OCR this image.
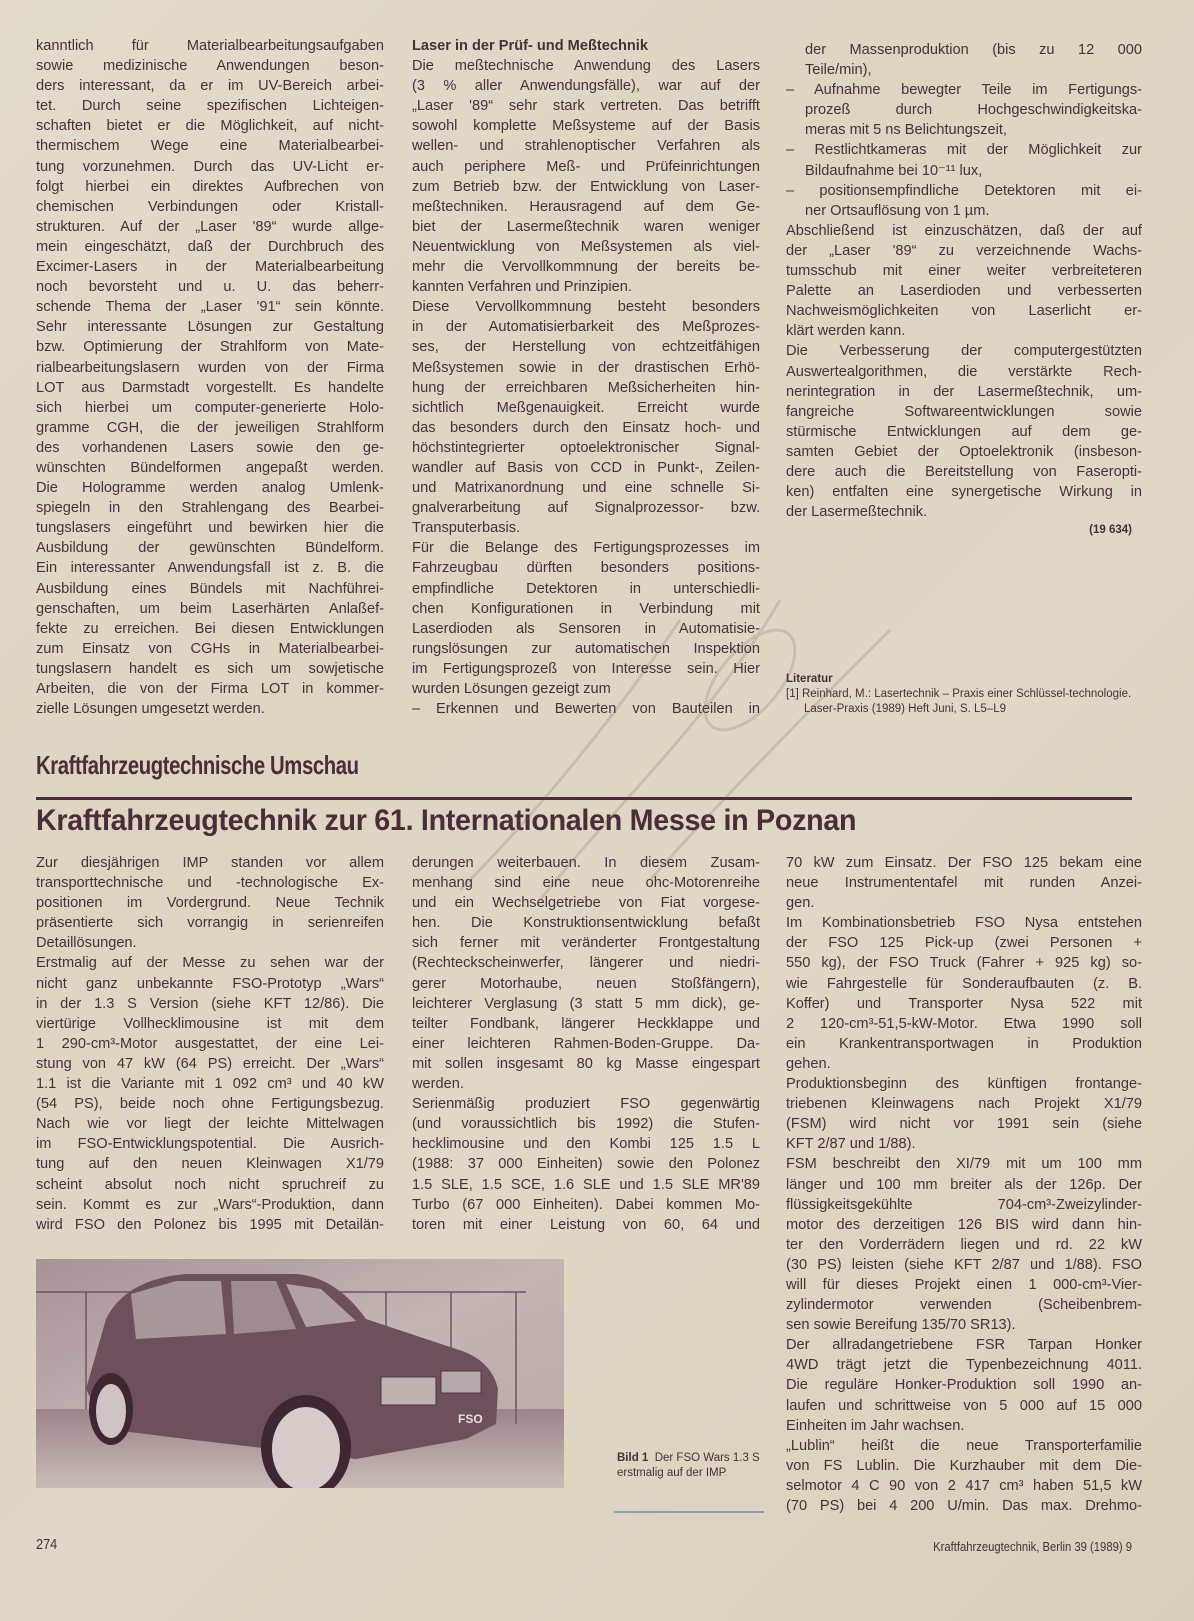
kanntlich für Materialbearbeitungsaufgaben
sowie medizinische Anwendungen beson-
ders interessant, da er im UV-Bereich arbei-
tet. Durch seine spezifischen Lichteigen-
schaften bietet er die Möglichkeit, auf nicht-
thermischem Wege eine Materialbearbei-
tung vorzunehmen. Durch das UV-Licht er-
folgt hierbei ein direktes Aufbrechen von
chemischen Verbindungen oder Kristall-
strukturen. Auf der „Laser '89“ wurde allge-
mein eingeschätzt, daß der Durchbruch des
Excimer-Lasers in der Materialbearbeitung
noch bevorsteht und u. U. das beherr-
schende Thema der „Laser '91“ sein könnte.
Sehr interessante Lösungen zur Gestaltung
bzw. Optimierung der Strahlform von Mate-
rialbearbeitungslasern wurden von der Firma
LOT aus Darmstadt vorgestellt. Es handelte
sich hierbei um computer-generierte Holo-
gramme CGH, die der jeweiligen Strahlform
des vorhandenen Lasers sowie den ge-
wünschten Bündelformen angepaßt werden.
Die Hologramme werden analog Umlenk-
spiegeln in den Strahlengang des Bearbei-
tungslasers eingeführt und bewirken hier die
Ausbildung der gewünschten Bündelform.
Ein interessanter Anwendungsfall ist z. B. die
Ausbildung eines Bündels mit Nachführei-
genschaften, um beim Laserhärten Anlaßef-
fekte zu erreichen. Bei diesen Entwicklungen
zum Einsatz von CGHs in Materialbearbei-
tungslasern handelt es sich um sowjetische
Arbeiten, die von der Firma LOT in kommer-
zielle Lösungen umgesetzt werden.
Laser in der Prüf- und Meßtechnik
Die meßtechnische Anwendung des Lasers
(3 % aller Anwendungsfälle), war auf der
„Laser '89“ sehr stark vertreten. Das betrifft
sowohl komplette Meßsysteme auf der Basis
wellen- und strahlenoptischer Verfahren als
auch periphere Meß- und Prüfeinrichtungen
zum Betrieb bzw. der Entwicklung von Laser-
meßtechniken. Herausragend auf dem Ge-
biet der Lasermeßtechnik waren weniger
Neuentwicklung von Meßsystemen als viel-
mehr die Vervollkommnung der bereits be-
kannten Verfahren und Prinzipien.
Diese Vervollkommnung besteht besonders
in der Automatisierbarkeit des Meßprozes-
ses, der Herstellung von echtzeitfähigen
Meßsystemen sowie in der drastischen Erhö-
hung der erreichbaren Meßsicherheiten hin-
sichtlich Meßgenauigkeit. Erreicht wurde
das besonders durch den Einsatz hoch- und
höchstintegrierter optoelektronischer Signal-
wandler auf Basis von CCD in Punkt-, Zeilen-
und Matrixanordnung und eine schnelle Si-
gnalverarbeitung auf Signalprozessor- bzw.
Transputerbasis.
Für die Belange des Fertigungsprozesses im
Fahrzeugbau dürften besonders positions-
empfindliche Detektoren in unterschiedli-
chen Konfigurationen in Verbindung mit
Laserdioden als Sensoren in Automatisie-
rungslösungen zur automatischen Inspektion
im Fertigungsprozeß von Interesse sein. Hier
wurden Lösungen gezeigt zum
– Erkennen und Bewerten von Bauteilen in
der Massenproduktion (bis zu 12 000
Teile/min),
– Aufnahme bewegter Teile im Fertigungs-
prozeß durch Hochgeschwindigkeitska-
meras mit 5 ns Belichtungszeit,
– Restlichtkameras mit der Möglichkeit zur
Bildaufnahme bei 10⁻¹¹ lux,
– positionsempfindliche Detektoren mit ei-
ner Ortsauflösung von 1 µm.
Abschließend ist einzuschätzen, daß der auf
der „Laser '89“ zu verzeichnende Wachs-
tumsschub mit einer weiter verbreiteteren
Palette an Laserdioden und verbesserten
Nachweismöglichkeiten von Laserlicht er-
klärt werden kann.
Die Verbesserung der computergestützten
Auswertealgorithmen, die verstärkte Rech-
nerintegration in der Lasermeßtechnik, um-
fangreiche Softwareentwicklungen sowie
stürmische Entwicklungen auf dem ge-
samten Gebiet der Optoelektronik (insbeson-
dere auch die Bereitstellung von Faseropti-
ken) entfalten eine synergetische Wirkung in
der Lasermeßtechnik.
(19 634)
Literatur
[1] Reinhard, M.: Lasertechnik – Praxis einer Schlüssel-technologie. Laser-Praxis (1989) Heft Juni, S. L5–L9
Kraftfahrzeugtechnische Umschau
Kraftfahrzeugtechnik zur 61. Internationalen Messe in Poznan
Zur diesjährigen IMP standen vor allem
transporttechnische und -technologische Ex-
positionen im Vordergrund. Neue Technik
präsentierte sich vorrangig in serienreifen
Detaillösungen.
Erstmalig auf der Messe zu sehen war der
nicht ganz unbekannte FSO-Prototyp „Wars“
in der 1.3 S Version (siehe KFT 12/86). Die
viertürige Vollhecklimousine ist mit dem
1 290-cm³-Motor ausgestattet, der eine Lei-
stung von 47 kW (64 PS) erreicht. Der „Wars“
1.1 ist die Variante mit 1 092 cm³ und 40 kW
(54 PS), beide noch ohne Fertigungsbezug.
Nach wie vor liegt der leichte Mittelwagen
im FSO-Entwicklungspotential. Die Ausrich-
tung auf den neuen Kleinwagen X1/79
scheint absolut noch nicht spruchreif zu
sein. Kommt es zur „Wars“-Produktion, dann
wird FSO den Polonez bis 1995 mit Detailän-
derungen weiterbauen. In diesem Zusam-
menhang sind eine neue ohc-Motorenreihe
und ein Wechselgetriebe von Fiat vorgese-
hen. Die Konstruktionsentwicklung befaßt
sich ferner mit veränderter Frontgestaltung
(Rechteckscheinwerfer, längerer und niedri-
gerer Motorhaube, neuen Stoßfängern),
leichterer Verglasung (3 statt 5 mm dick), ge-
teilter Fondbank, längerer Heckklappe und
einer leichteren Rahmen-Boden-Gruppe. Da-
mit sollen insgesamt 80 kg Masse eingespart
werden.
Serienmäßig produziert FSO gegenwärtig
(und voraussichtlich bis 1992) die Stufen-
hecklimousine und den Kombi 125 1.5 L
(1988: 37 000 Einheiten) sowie den Polonez
1.5 SLE, 1.5 SCE, 1.6 SLE und 1.5 SLE MR'89
Turbo (67 000 Einheiten). Dabei kommen Mo-
toren mit einer Leistung von 60, 64 und
70 kW zum Einsatz. Der FSO 125 bekam eine
neue Instrumententafel mit runden Anzei-
gen.
Im Kombinationsbetrieb FSO Nysa entstehen
der FSO 125 Pick-up (zwei Personen +
550 kg), der FSO Truck (Fahrer + 925 kg) so-
wie Fahrgestelle für Sonderaufbauten (z. B.
Koffer) und Transporter Nysa 522 mit
2 120-cm³-51,5-kW-Motor. Etwa 1990 soll
ein Krankentransportwagen in Produktion
gehen.
Produktionsbeginn des künftigen frontange-
triebenen Kleinwagens nach Projekt X1/79
(FSM) wird nicht vor 1991 sein (siehe
KFT 2/87 und 1/88).
FSM beschreibt den XI/79 mit um 100 mm
länger und 100 mm breiter als der 126p. Der
flüssigkeitsgekühlte 704-cm³-Zweizylinder-
motor des derzeitigen 126 BIS wird dann hin-
ter den Vorderrädern liegen und rd. 22 kW
(30 PS) leisten (siehe KFT 2/87 und 1/88). FSO
will für dieses Projekt einen 1 000-cm³-Vier-
zylindermotor verwenden (Scheibenbrem-
sen sowie Bereifung 135/70 SR13).
Der allradangetriebene FSR Tarpan Honker
4WD trägt jetzt die Typenbezeichnung 4011.
Die reguläre Honker-Produktion soll 1990 an-
laufen und schrittweise von 5 000 auf 15 000
Einheiten im Jahr wachsen.
„Lublin“ heißt die neue Transporterfamilie
von FS Lublin. Die Kurzhauber mit dem Die-
selmotor 4 C 90 von 2 417 cm³ haben 51,5 kW
(70 PS) bei 4 200 U/min. Das max. Drehmo-
FSO
Bild 1 Der FSO Wars 1.3 S erstmalig auf der IMP
274	Kraftfahrzeugtechnik, Berlin 39 (1989) 9
